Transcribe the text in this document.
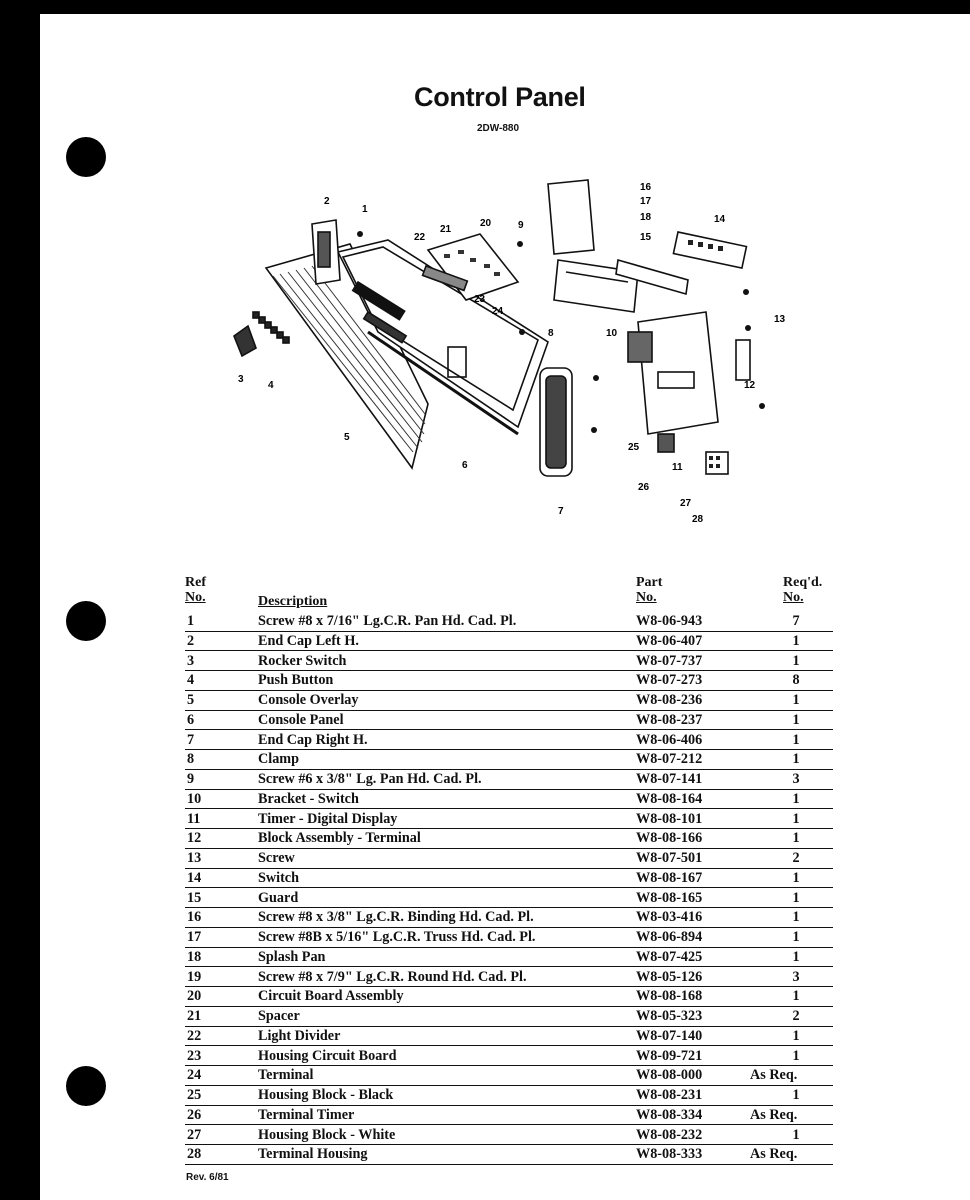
Control Panel
2DW-880
1
2
3
4
5
6
7
8
9
10
11
12
13
14
15
16
17
18
20
21
22
23
24
25
26
27
28
Ref
No.	Description
Part
No.
Req'd.
No.
1	Screw #8 x 7/16" Lg.C.R. Pan Hd. Cad. Pl.	W8-06-943	7
2	End Cap Left H.	W8-06-407	1
3	Rocker Switch	W8-07-737	1
4	Push Button	W8-07-273	8
5	Console Overlay	W8-08-236	1
6	Console Panel	W8-08-237	1
7	End Cap Right H.	W8-06-406	1
8	Clamp	W8-07-212	1
9	Screw #6 x 3/8" Lg. Pan Hd. Cad. Pl.	W8-07-141	3
10	Bracket - Switch	W8-08-164	1
11	Timer - Digital Display	W8-08-101	1
12	Block Assembly - Terminal	W8-08-166	1
13	Screw	W8-07-501	2
14	Switch	W8-08-167	1
15	Guard	W8-08-165	1
16	Screw #8 x 3/8" Lg.C.R. Binding Hd. Cad. Pl.	W8-03-416	1
17	Screw #8B x 5/16" Lg.C.R. Truss Hd. Cad. Pl.	W8-06-894	1
18	Splash Pan	W8-07-425	1
19	Screw #8 x 7/9" Lg.C.R. Round Hd. Cad. Pl.	W8-05-126	3
20	Circuit Board Assembly	W8-08-168	1
21	Spacer	W8-05-323	2
22	Light Divider	W8-07-140	1
23	Housing Circuit Board	W8-09-721	1
24	Terminal	W8-08-000	As Req.
25	Housing Block - Black	W8-08-231	1
26	Terminal Timer	W8-08-334	As Req.
27	Housing Block - White	W8-08-232	1
28	Terminal Housing	W8-08-333	As Req.
Rev. 6/81
